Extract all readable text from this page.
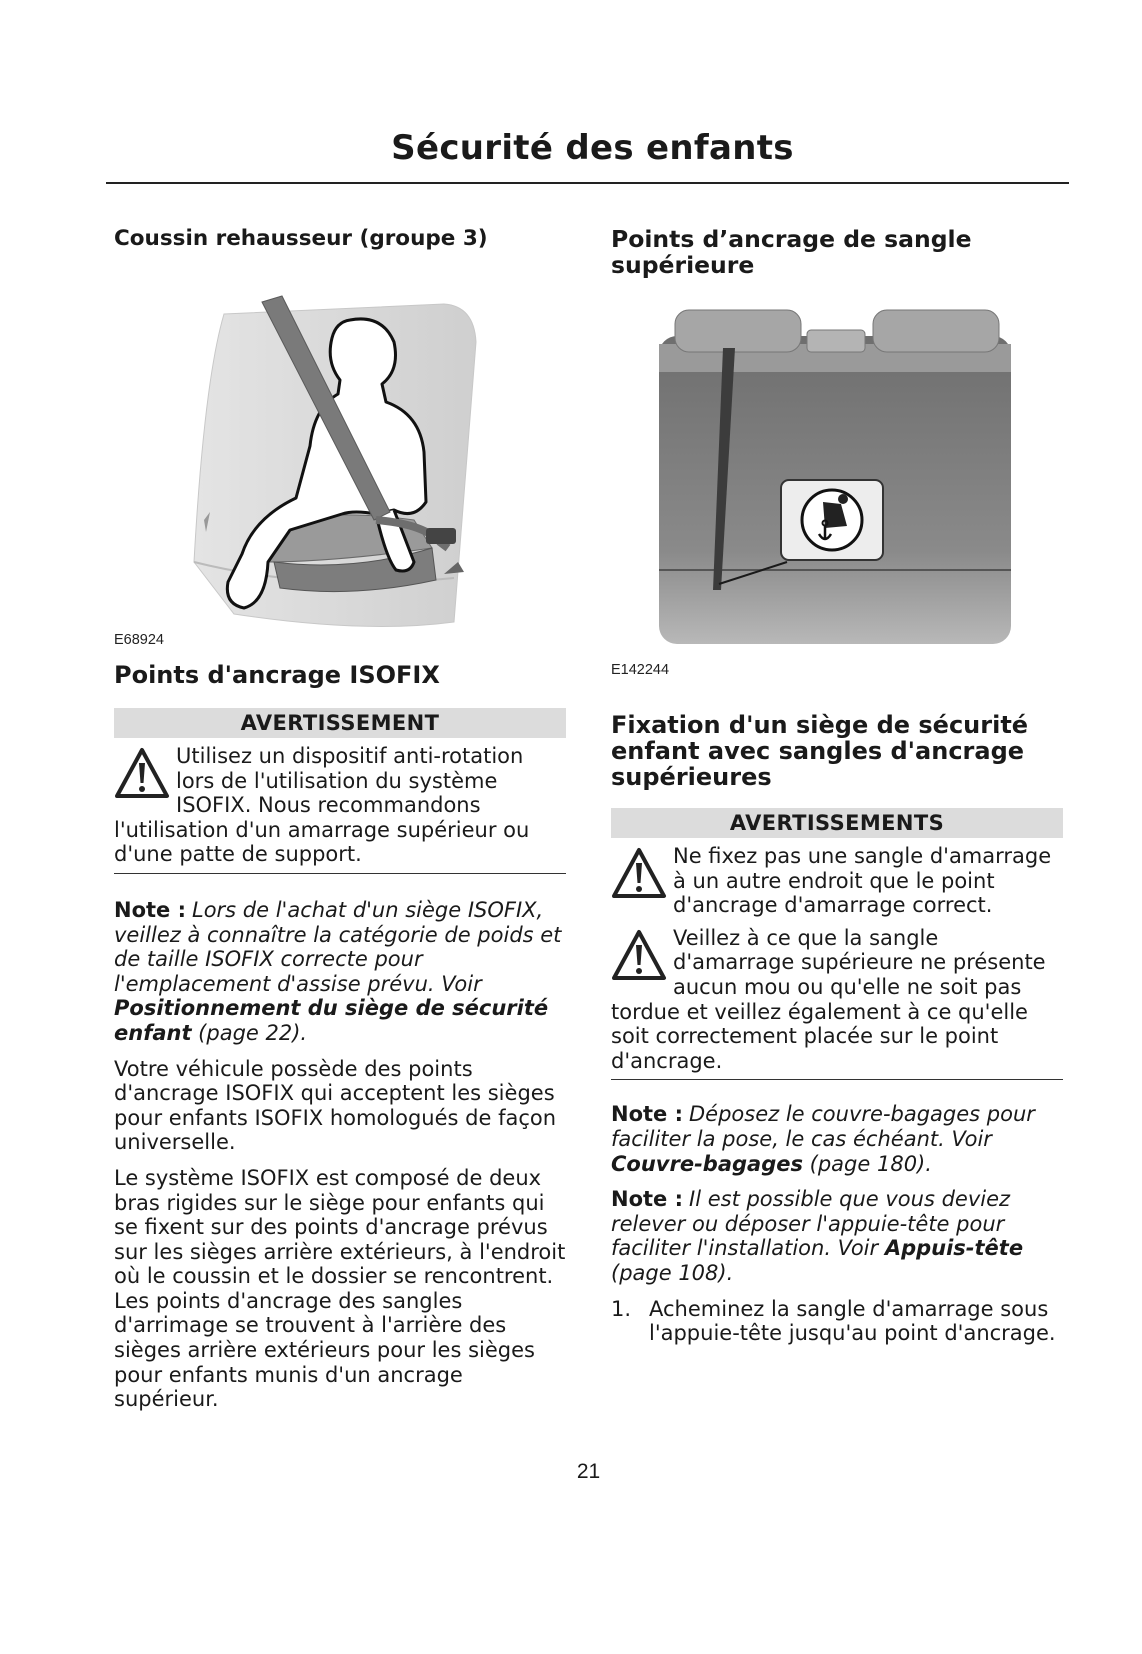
Sécurité des enfants
Coussin rehausseur (groupe 3)
E68924
Points d'ancrage ISOFIX
AVERTISSEMENT
Utilisez un dispositif anti-rotation lors de l'utilisation du système ISOFIX. Nous recommandons l'utilisation d'un amarrage supérieur ou d'une patte de support.

Note : Lors de l'achat d'un siège ISOFIX, veillez à connaître la catégorie de poids et de taille ISOFIX correcte pour l'emplacement d'assise prévu. Voir Positionnement du siège de sécurité enfant (page 22).

Votre véhicule possède des points d'ancrage ISOFIX qui acceptent les sièges pour enfants ISOFIX homologués de façon universelle.

Le système ISOFIX est composé de deux bras rigides sur le siège pour enfants qui se fixent sur des points d'ancrage prévus sur les sièges arrière extérieurs, à l'endroit où le coussin et le dossier se rencontrent. Les points d'ancrage des sangles d'arrimage se trouvent à l'arrière des sièges arrière extérieurs pour les sièges pour enfants munis d'un ancrage supérieur.

Points d’ancrage de sangle supérieure
E142244
Fixation d'un siège de sécurité enfant avec sangles d'ancrage supérieures
AVERTISSEMENTS
Ne fixez pas une sangle d'amarrage à un autre endroit que le point d'ancrage d'amarrage correct.
Veillez à ce que la sangle d'amarrage supérieure ne présente aucun mou ou qu'elle ne soit pas tordue et veillez également à ce qu'elle soit correctement placée sur le point d'ancrage.

Note : Déposez le couvre-bagages pour faciliter la pose, le cas échéant. Voir Couvre-bagages (page 180).

Note : Il est possible que vous deviez relever ou déposer l'appuie-tête pour faciliter l'installation. Voir Appuis-tête (page 108).

1. Acheminez la sangle d'amarrage sous l'appuie-tête jusqu'au point d'ancrage.
21
